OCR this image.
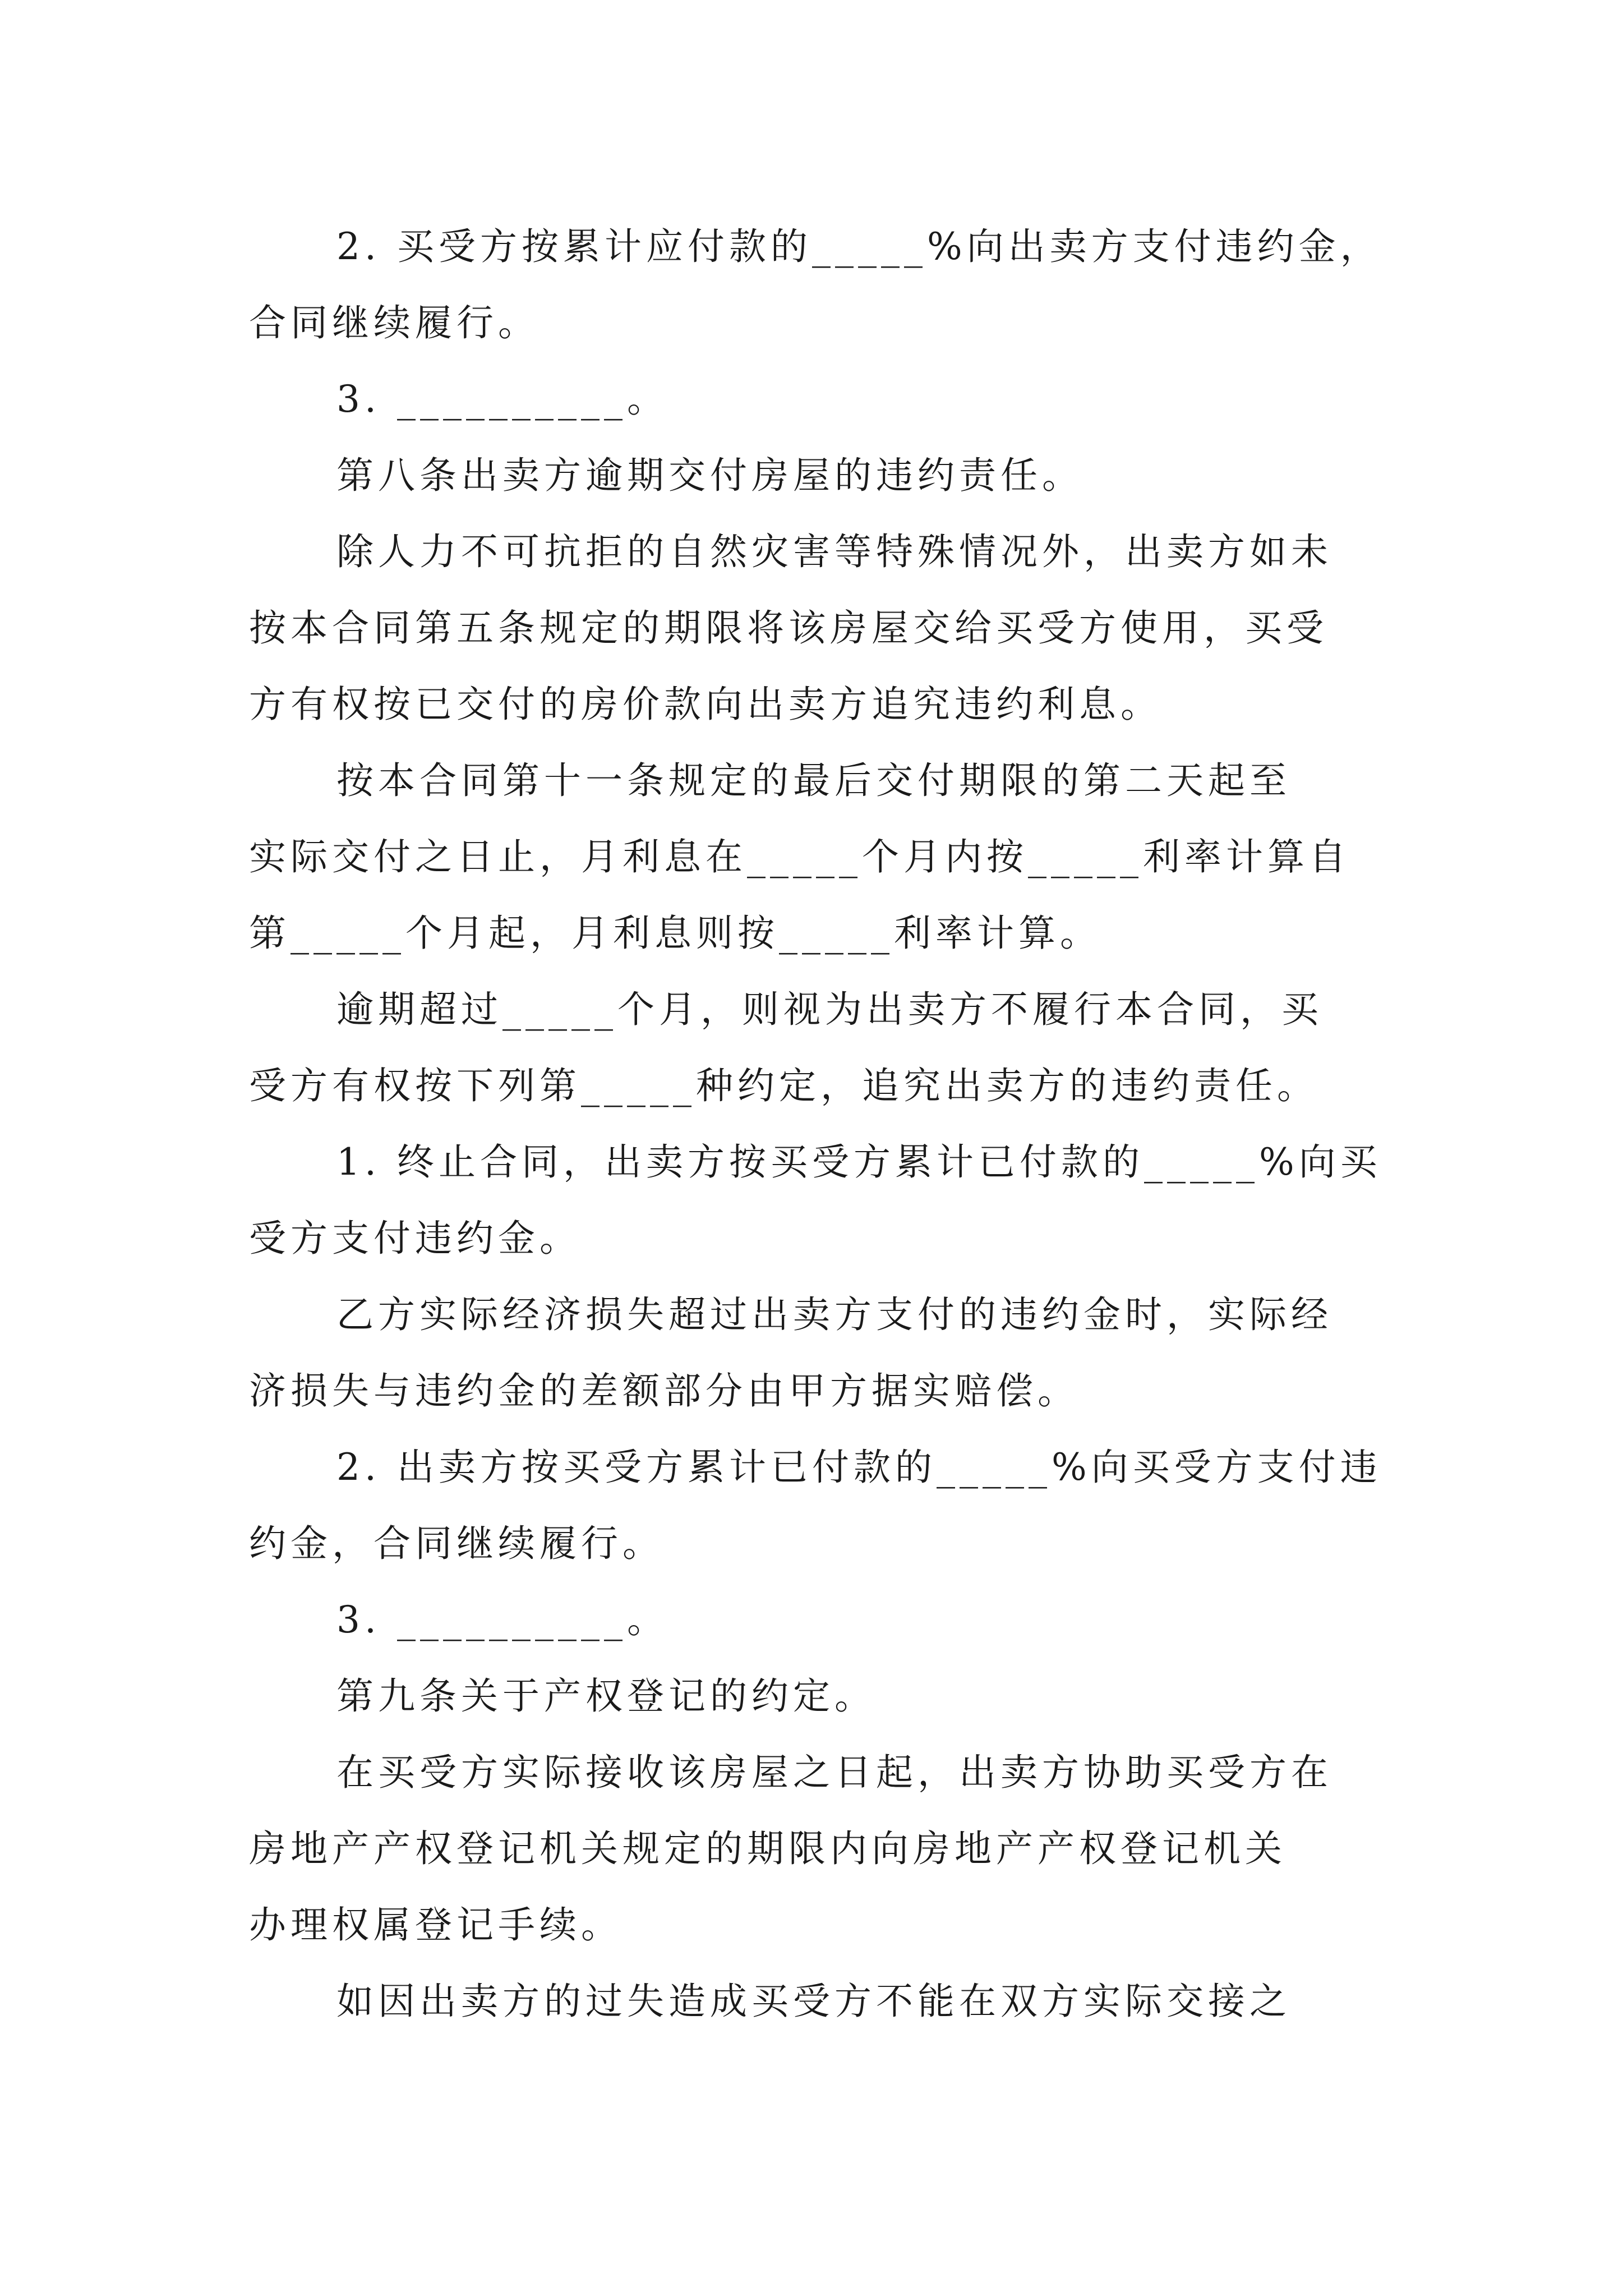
2. 买受方按累计应付款的_____%向出卖方支付违约金，
合同继续履行。
3. __________。
第八条出卖方逾期交付房屋的违约责任。
除人力不可抗拒的自然灾害等特殊情况外，出卖方如未
按本合同第五条规定的期限将该房屋交给买受方使用，买受
方有权按已交付的房价款向出卖方追究违约利息。
按本合同第十一条规定的最后交付期限的第二天起至
实际交付之日止，月利息在_____个月内按_____利率计算自
第_____个月起，月利息则按_____利率计算。
逾期超过_____个月，则视为出卖方不履行本合同，买
受方有权按下列第_____种约定，追究出卖方的违约责任。
1. 终止合同，出卖方按买受方累计已付款的_____%向买
受方支付违约金。
乙方实际经济损失超过出卖方支付的违约金时，实际经
济损失与违约金的差额部分由甲方据实赔偿。
2. 出卖方按买受方累计已付款的_____%向买受方支付违
约金，合同继续履行。
3. __________。
第九条关于产权登记的约定。
在买受方实际接收该房屋之日起，出卖方协助买受方在
房地产产权登记机关规定的期限内向房地产产权登记机关
办理权属登记手续。
如因出卖方的过失造成买受方不能在双方实际交接之
